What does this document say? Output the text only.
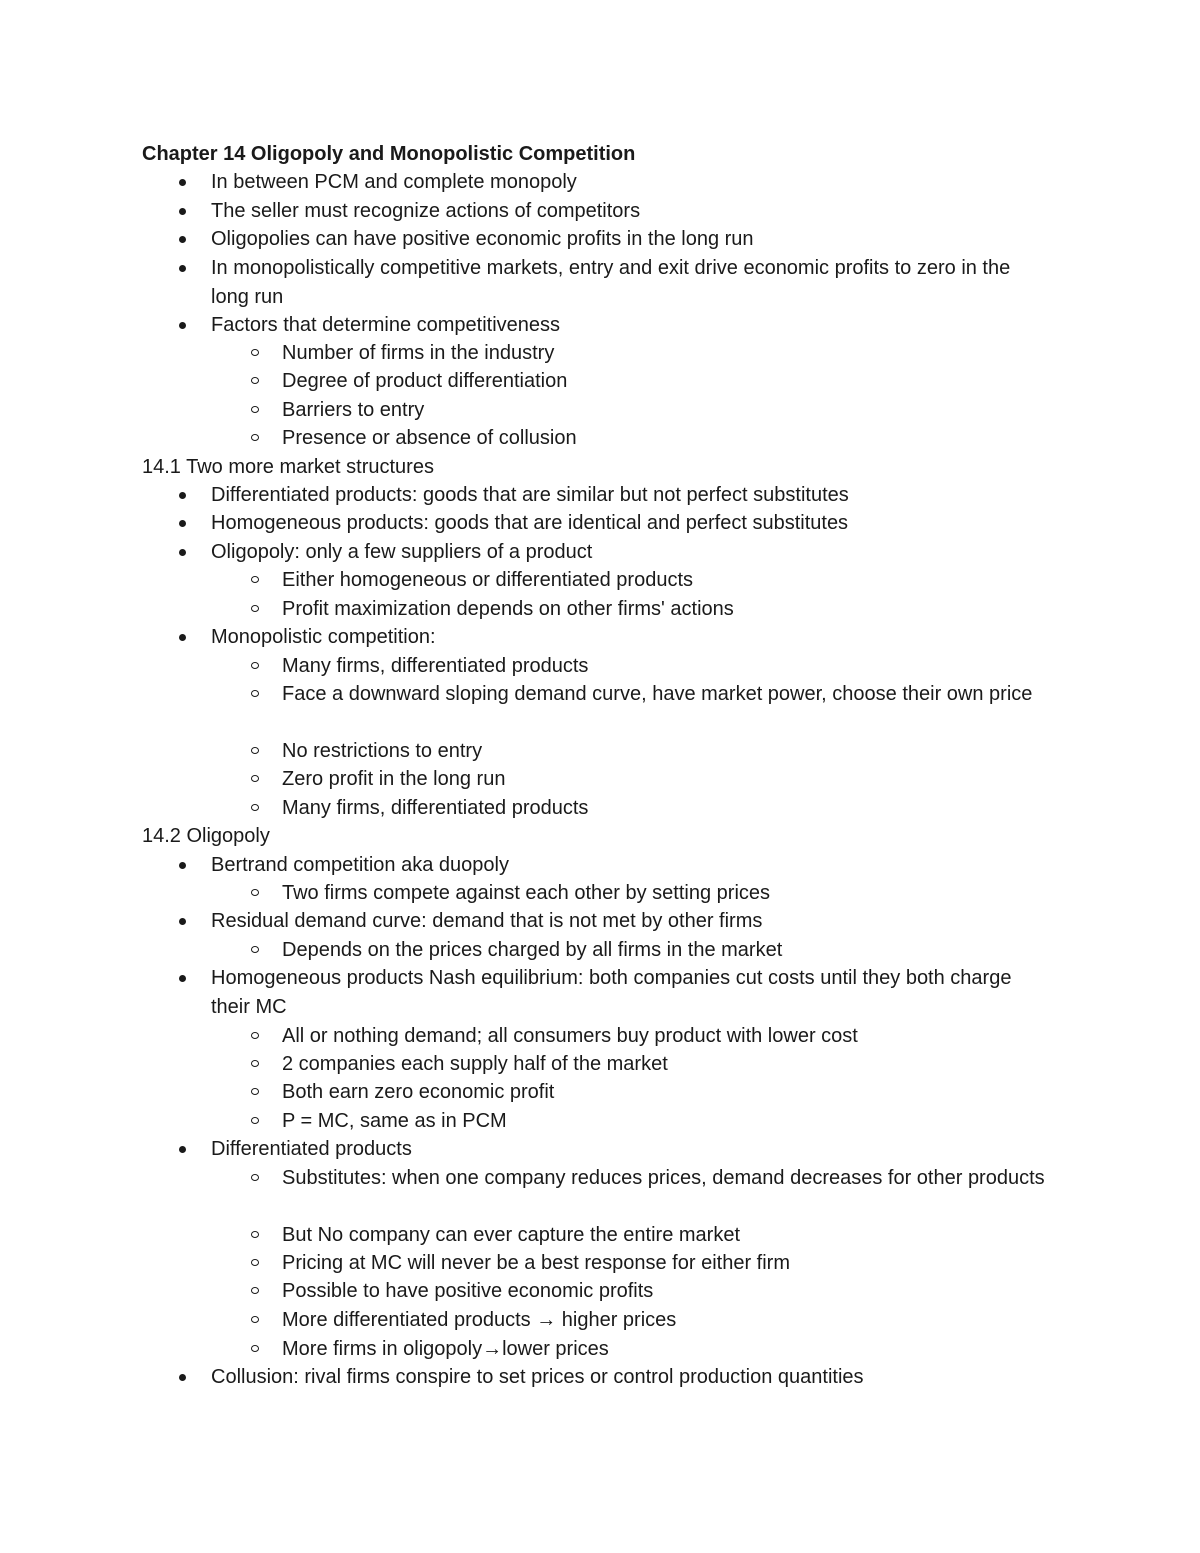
Chapter 14 Oligopoly and Monopolistic Competition
In between PCM and complete monopoly
The seller must recognize actions of competitors
Oligopolies can have positive economic profits in the long run
In monopolistically competitive markets, entry and exit drive economic profits to zero in the long run
Factors that determine competitiveness
Number of firms in the industry
Degree of product differentiation
Barriers to entry
Presence or absence of collusion
14.1 Two more market structures
Differentiated products: goods that are similar but not perfect substitutes
Homogeneous products: goods that are identical and perfect substitutes
Oligopoly: only a few suppliers of a product
Either homogeneous or differentiated products
Profit maximization depends on other firms' actions
Monopolistic competition:
Many firms, differentiated products
Face a downward sloping demand curve, have market power, choose their own price
No restrictions to entry
Zero profit in the long run
Many firms, differentiated products
14.2 Oligopoly
Bertrand competition aka duopoly
Two firms compete against each other by setting prices
Residual demand curve: demand that is not met by other firms
Depends on the prices charged by all firms in the market
Homogeneous products Nash equilibrium: both companies cut costs until they both charge their MC
All or nothing demand; all consumers buy product with lower cost
2 companies each supply half of the market
Both earn zero economic profit
P = MC, same as in PCM
Differentiated products
Substitutes: when one company reduces prices, demand decreases for other products
But No company can ever capture the entire market
Pricing at MC will never be a best response for either firm
Possible to have positive economic profits
More differentiated products → higher prices
More firms in oligopoly→lower prices
Collusion: rival firms conspire to set prices or control production quantities
